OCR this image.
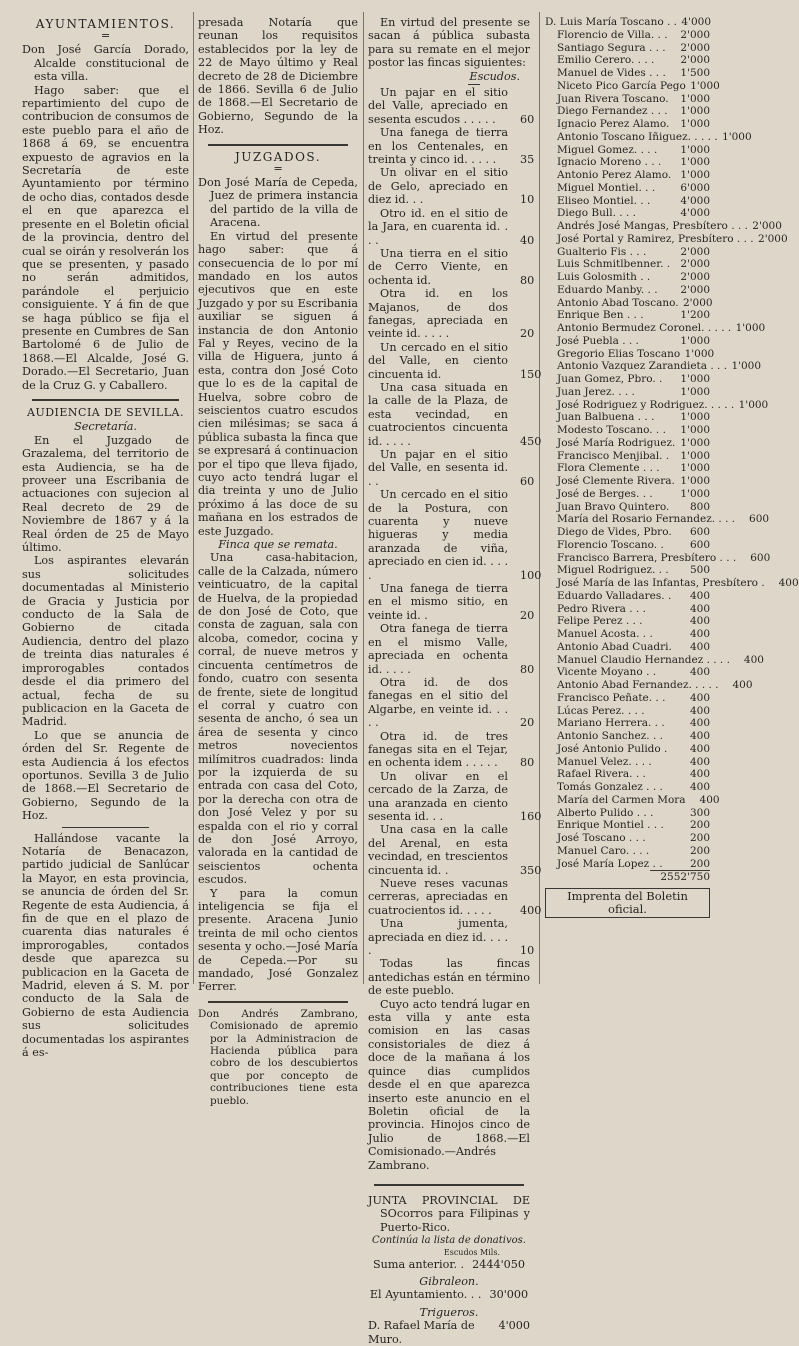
AYUNTAMIENTOS.
=

Don José García Dorado, Alcalde constitucional de esta villa.

Hago saber: que el repartimiento del cupo de contribucion de consumos de este pueblo para el año de 1868 á 69, se encuentra expuesto de agravios en la Secretaría de este Ayuntamiento por término de ocho dias, contados desde el en que aparezca el presente en el Boletin oficial de la provincia, dentro del cual se oirán y resolverán los que se presenten, y pasado no serán admitidos, parándole el perjuicio consiguiente. Y á fin de que se haga público se fija el presente en Cumbres de San Bartolomé 6 de Julio de 1868.—El Alcalde, José G. Dorado.—El Secretario, Juan de la Cruz G. y Caballero.

AUDIENCIA DE SEVILLA.

Secretaría.

En el Juzgado de Grazalema, del territorio de esta Audiencia, se ha de proveer una Escribania de actuaciones con sujecion al Real decreto de 29 de Noviembre de 1867 y á la Real órden de 25 de Mayo último.

Los aspirantes elevarán sus solicitudes documentadas al Ministerio de Gracia y Justicia por conducto de la Sala de Gobierno de citada Audiencia, dentro del plazo de treinta dias naturales é improrogables contados desde el dia primero del actual, fecha de su publicacion en la Gaceta de Madrid.

Lo que se anuncia de órden del Sr. Regente de esta Audiencia á los efectos oportunos. Sevilla 3 de Julio de 1868.—El Secretario de Gobierno, Segundo de la Hoz.

Hallándose vacante la Notaría de Benacazon, partido judicial de Sanlúcar la Mayor, en esta provincia, se anuncia de órden del Sr. Regente de esta Audiencia, á fin de que en el plazo de cuarenta dias naturales é improrogables, contados desde que aparezca su publicacion en la Gaceta de Madrid, eleven á S. M. por conducto de la Sala de Gobierno de esta Audiencia sus solicitudes documentadas los aspirantes á es-

presada Notaría que reunan los requisitos establecidos por la ley de 22 de Mayo último y Real decreto de 28 de Diciembre de 1866. Sevilla 6 de Julio de 1868.—El Secretario de Gobierno, Segundo de la Hoz.

JUZGADOS.
=

Don José María de Cepeda, Juez de primera instancia del partido de la villa de Aracena.

En virtud del presente hago saber: que á consecuencia de lo por mí mandado en los autos ejecutivos que en este Juzgado y por su Escribania auxiliar se siguen á instancia de don Antonio Fal y Reyes, vecino de la villa de Higuera, junto á esta, contra don José Coto que lo es de la capital de Huelva, sobre cobro de seiscientos cuatro escudos cien milésimas; se saca á pública subasta la finca que se expresará á continuacion por el tipo que lleva fijado, cuyo acto tendrá lugar el dia treinta y uno de Julio próximo á las doce de su mañana en los estrados de este Juzgado.

Finca que se remata.

Una casa-habitacion, calle de la Calzada, número veinticuatro, de la capital de Huelva, de la propiedad de don José de Coto, que consta de zaguan, sala con alcoba, comedor, cocina y corral, de nueve metros y cincuenta centímetros de fondo, cuatro con sesenta de frente, siete de longitud el corral y cuatro con sesenta de ancho, ó sea un área de sesenta y cinco metros novecientos milímitros cuadrados: linda por la izquierda de su entrada con casa del Coto, por la derecha con otra de don José Velez y por su espalda con el rio y corral de don José Arroyo, valorada en la cantidad de seiscientos ochenta escudos.

Y para la comun inteligencia se fija el presente. Aracena Junio treinta de mil ocho cientos sesenta y ocho.—José María de Cepeda.—Por su mandado, José Gonzalez Ferrer.

Don Andrés Zambrano, Comisionado de apremio por la Administracion de Hacienda pública para cobro de los descubiertos que por concepto de contribuciones tiene esta pueblo.

En virtud del presente se sacan á pública subasta para su remate en el mejor postor las fincas siguientes:

Escudos.
Un pajar en el sitio del Valle, apreciado en sesenta escudos . . . . .	60
Una fanega de tierra en los Centenales, en treinta y cinco id. . . . .	35
Un olivar en el sitio de Gelo, apreciado en diez id. . .	10
Otro id. en el sitio de la Jara, en cuarenta id. . . .	40
Una tierra en el sitio de Cerro Viente, en ochenta id.	80
Otra id. en los Majanos, de dos fanegas, apreciada en veinte id. . . . .	20
Un cercado en el sitio del Valle, en ciento cincuenta id.	150
Una casa situada en la calle de la Plaza, de esta vecindad, en cuatrocientos cincuenta id. . . . .	450
Un pajar en el sitio del Valle, en sesenta id. . .	60
Un cercado en el sitio de la Postura, con cuarenta y nueve higueras y media aranzada de viña, apreciado en cien id. . . . .	100
Una fanega de tierra en el mismo sitio, en veinte id. .	20
Otra fanega de tierra en el mismo Valle, apreciada en ochenta id. . . . .	80
Otra id. de dos fanegas en el sitio del Algarbe, en veinte id. . . . .	20
Otra id. de tres fanegas sita en el Tejar, en ochenta idem . . . . .	80
Un olivar en el cercado de la Zarza, de una aranzada en ciento sesenta id. . .	160
Una casa en la calle del Arenal, en esta vecindad, en trescientos cincuenta id. .	350
Nueve reses vacunas cerreras, apreciadas en cuatrocientos id. . . . .	400
Una jumenta, apreciada en diez id. . . . .	10

Todas las fincas antedichas están en término de este pueblo.

Cuyo acto tendrá lugar en esta villa y ante esta comision en las casas consistoriales de diez á doce de la mañana á los quince dias cumplidos desde el en que aparezca inserto este anuncio en el Boletin oficial de la provincia. Hinojos cinco de Julio de 1868.—El Comisionado.—Andrés Zambrano.

JUNTA PROVINCIAL DE SOcorros para Filipinas y Puerto-Rico.

Continúa la lista de donativos.

Escudos Mils.
Suma anterior. . 2444'050
Gibraleon.
El Ayuntamiento. . . 30'000
Trigueros.
D. Rafael María de Muro.
4'000
D. Luis María Toscano . . 4'000
Florencio de Villa. . .	2'000
Santiago Segura . . .	2'000
Emilio Cerero. . . .	2'000
Manuel de Vides . . .	1'500
Niceto Pico García Pego 1'000
Juan Rivera Toscano.	1'000
Diego Fernandez . . .	1'000
Ignacio Perez Alamo.	1'000
Antonio Toscano Iñiguez. . . . . 1'000
Miguel Gomez. . . .	1'000
Ignacio Moreno . . .	1'000
Antonio Perez Alamo. 1'000
Miguel Montiel. . .	6'000
Eliseo Montiel. . .	4'000
Diego Bull. . . .	4'000
Andrés José Mangas, Presbítero . . . 2'000
José Portal y Ramirez, Presbítero . . . 2'000
Gualterio Fis . . .	2'000
Luis Schmitlbenner. . 2'000
Luis Golosmith . .	2'000
Eduardo Manby. . .	2'000
Antonio Abad Toscano. 2'000
Enrique Ben . . .	1'200
Antonio Bermudez Coronel. . . . . 1'000
José Puebla . . .	1'000
Gregorio Elias Toscano 1'000
Antonio Vazquez Zarandieta . . . 1'000
Juan Gomez, Pbro. .	1'000
Juan Jerez. . . .	1'000
José Rodriguez y Rodriguez. . . . . 1'000
Juan Balbuena . . .	1'000
Modesto Toscano. . .	1'000
José María Rodriguez. 1'000
Francisco Menjibal. .	1'000
Flora Clemente . . .	1'000
José Clemente Rivera. 1'000
José de Berges. . .	1'000
Juan Bravo Quintero.	800
María del Rosario Fernandez. . . .	600
Diego de Vides, Pbro.	600
Florencio Toscano. .	600
Francisco Barrera, Presbítero . . .	600
Miguel Rodriguez. . .	500
José María de las Infantas, Presbítero .	400
Eduardo Valladares. .	400
Pedro Rivera . . .	400
Felipe Perez . . .	400
Manuel Acosta. . .	400
Antonio Abad Cuadri.	400
Manuel Claudio Hernandez . . . .	400
Vicente Moyano . .	400
Antonio Abad Fernandez. . . . .	400
Francisco Peñate. . .	400
Lúcas Perez. . . .	400
Mariano Herrera. . .	400
Antonio Sanchez. . .	400
José Antonio Pulido .	400
Manuel Velez. . . .	400
Rafael Rivera. . .	400
Tomás Gonzalez . . .	400
María del Carmen Mora	400
Alberto Pulido . . .	300
Enrique Montiel . . .	200
José Toscano . . .	200
Manuel Caro. . . .	200
José María Lopez . .	200
2552'750
Imprenta del Boletin oficial.
